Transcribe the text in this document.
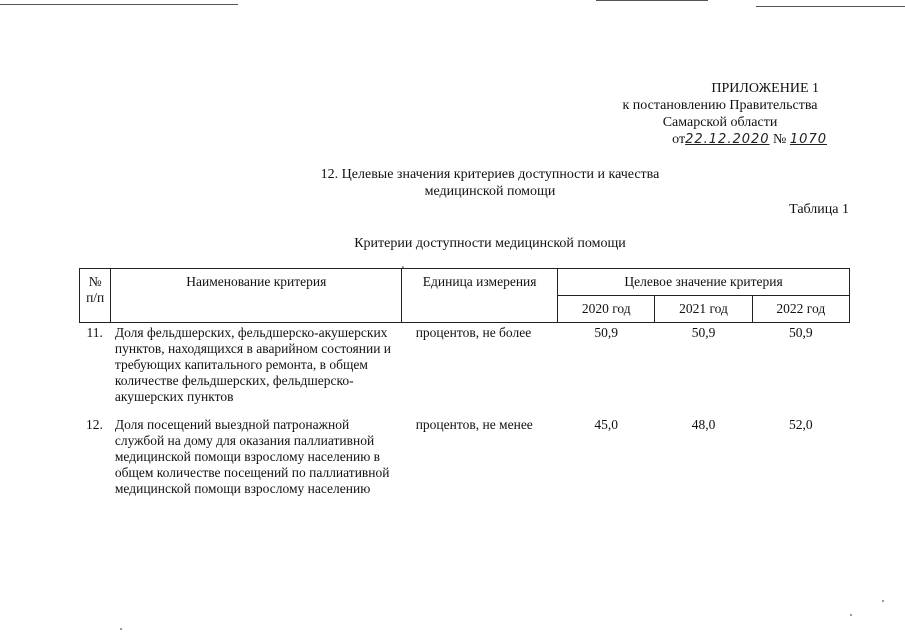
ПРИЛОЖЕНИЕ 1
к постановлению Правительства
Самарской области
от22.12.2020 № 1070
12. Целевые значения критериев доступности и качества
медицинской помощи
Таблица 1
Критерии доступности медицинской помощи
№ п/п	Наименование критерия	Единица измерения	Целевое значение критерия		
			2020 год	2021 год	2022 год
11.	Доля фельдшерских, фельдшерско-акушерских пунктов, находящихся в аварийном состоянии и требующих капитального ремонта, в общем количестве фельдшерских, фельдшерско-акушерских пунктов	процентов, не более	50,9	50,9	50,9
12.	Доля посещений выездной патронажной службой на дому для оказания паллиативной медицинской помощи взрослому населению в общем количестве посещений по паллиативной медицинской помощи взрослому населению	процентов, не менее	45,0	48,0	52,0
